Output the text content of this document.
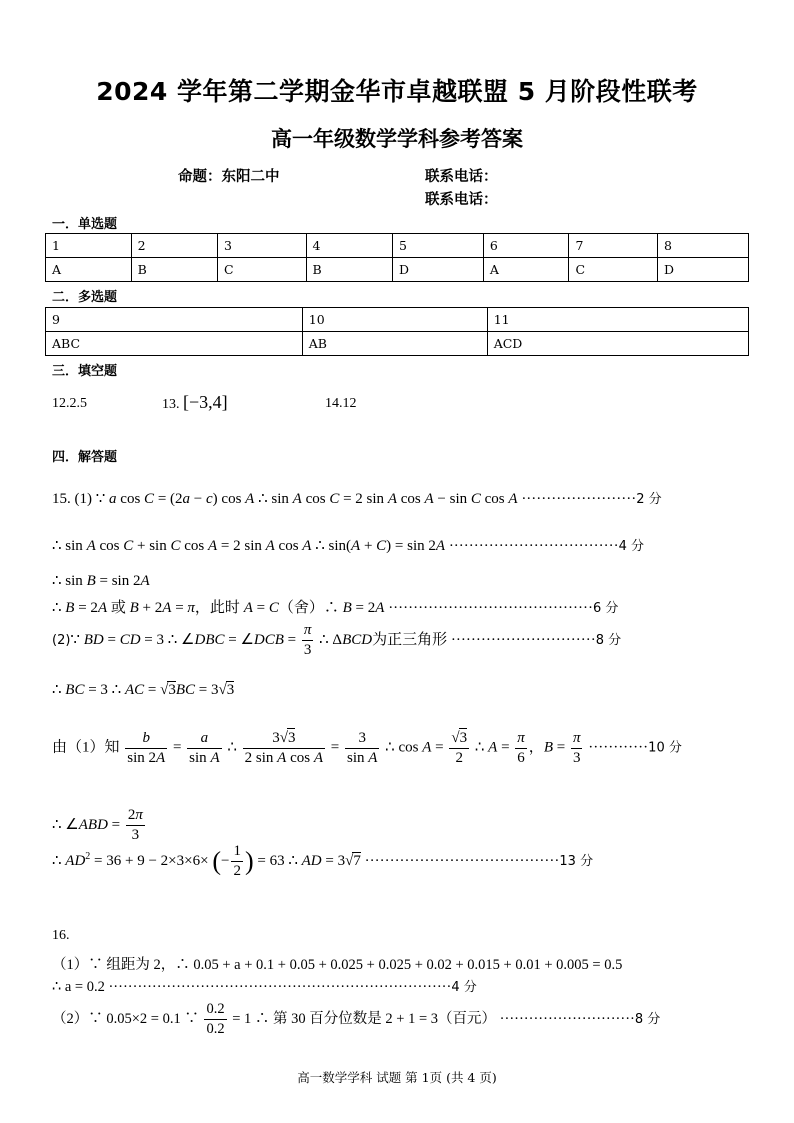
2024 学年第二学期金华市卓越联盟 5 月阶段性联考
高一年级数学学科参考答案
命题：东阳二中	联系电话：
联系电话：
一．单选题
1	2	3	4	5	6	7	8
A	B	C	B	D	A	C	D
二．多选题
9	10	11
ABC	AB	ACD
三．填空题
12.2.5	13. [−3,4]	14.12
四．解答题
15. (1) ∵ a cos C = (2a − c) cos A ∴ sin A cos C = 2 sin A cos A − sin C cos A ·······················2 分
∴ sin A cos C + sin C cos A = 2 sin A cos A ∴ sin(A + C) = sin 2A ··································4 分
∴ sin B = sin 2A
∴ B = 2A 或 B + 2A = π，此时 A = C（舍）∴ B = 2A ·········································6 分
(2)∵ BD = CD = 3 ∴ ∠DBC = ∠DCB = $\frac{\pi}{3}$ ∴ ΔBCD为正三角形 ·····························8 分
∴ BC = 3 ∴ AC = √3BC = 3√3
由（1）知 $\frac{b}{\sin 2A} = \frac{a}{\text{sin A}}$ ∴ $\frac{3√3}{\text{2 sin A cos A}} = \frac{3}{\text{sin A}}$ ∴ $\cos A = \frac{√3}{2}$ ∴ $A = \frac{\pi}{6}$ ，$B = \frac{\pi}{3} \cdot\cdot\cdot\cdot\cdot\cdot\cdot\cdot\cdot\cdot\cdot\cdot 10$ 分
∴ ∠ABD = $\frac{2\pi}{3}$
∴ $AD^2 = 36 + 9 - 2\times 3\times 6\times$ (− $\frac{1}{2}$ ) = 63 ∴ AD = 3√7 ·······································13 分
16.
（1）∵ 组距为 2，∴ 0.05 + a + 0.1 + 0.05 + 0.025 + 0.025 + 0.02 + 0.015 + 0.01 + 0.005 = 0.5
∴ a = 0.2 ·······································································4 分
（2）∵ 0.05×2 = 0.1 ∵ $\frac{0.2}{0.2} = 1$ ∴ 第 30 百分位数是 2 + 1 = 3（百元） ····························8 分
高一数学学科 试题 第 1页 (共 4 页)
